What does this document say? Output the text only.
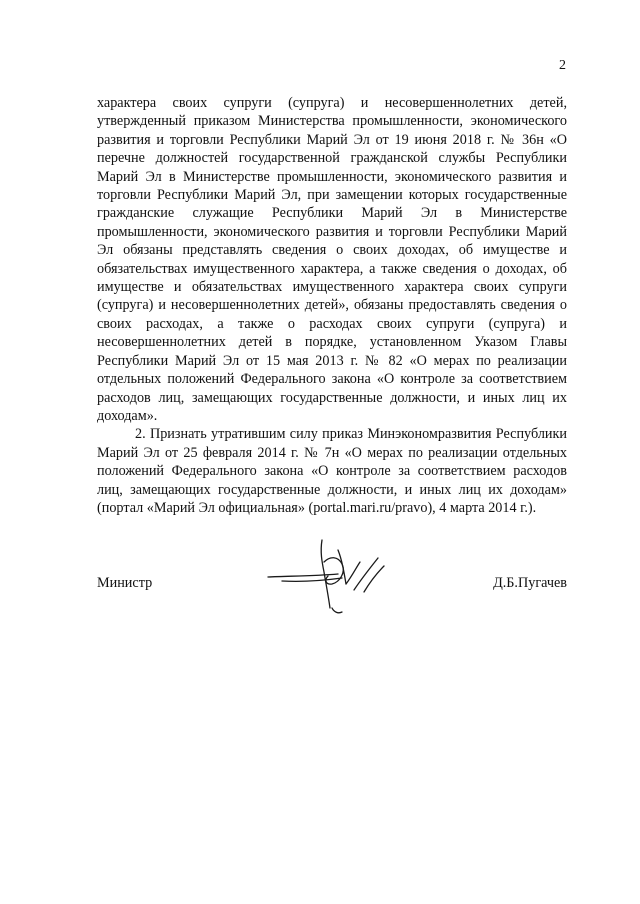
2

характера своих супруги (супруга) и несовершеннолетних детей, утвержденный приказом Министерства промышленности, экономического развития и торговли Республики Марий Эл от 19 июня 2018 г. № 36н «О перечне должностей государственной гражданской службы Республики Марий Эл в Министерстве промышленности, экономического развития и торговли Республики Марий Эл, при замещении которых государственные гражданские служащие Республики Марий Эл в Министерстве промышленности, экономического развития и торговли Республики Марий Эл обязаны представлять сведения о своих доходах, об имуществе и обязательствах имущественного характера, а также сведения о доходах, об имуществе и обязательствах имущественного характера своих супруги (супруга) и несовершеннолетних детей», обязаны предоставлять сведения о своих расходах, а также о расходах своих супруги (супруга) и несовершеннолетних детей в порядке, установленном Указом Главы Республики Марий Эл от 15 мая 2013 г. № 82 «О мерах по реализации отдельных положений Федерального закона «О контроле за соответствием расходов лиц, замещающих государственные должности, и иных лиц их доходам».

2. Признать утратившим силу приказ Минэкономразвития Республики Марий Эл от 25 февраля 2014 г. № 7н «О мерах по реализации отдельных положений Федерального закона «О контроле за соответствием расходов лиц, замещающих государственные должности, и иных лиц их доходам» (портал «Марий Эл официальная» (portal.mari.ru/pravo), 4 марта 2014 г.).

Министр	Д.Б.Пугачев
